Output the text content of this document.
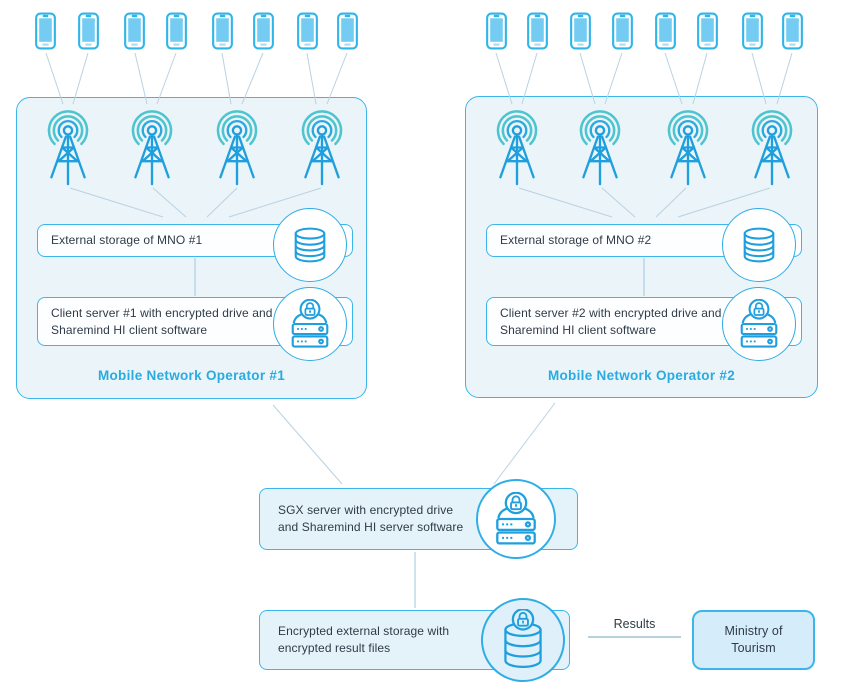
External storage of MNO #1
Client server #1 with encrypted drive and Sharemind HI client software
Mobile Network Operator #1
External storage of MNO #2
Client server #2 with encrypted drive and Sharemind HI client software
Mobile Network Operator #2
SGX server with encrypted drive and Sharemind HI server software
Encrypted external storage with encrypted result files
Results	Ministry of Tourism
